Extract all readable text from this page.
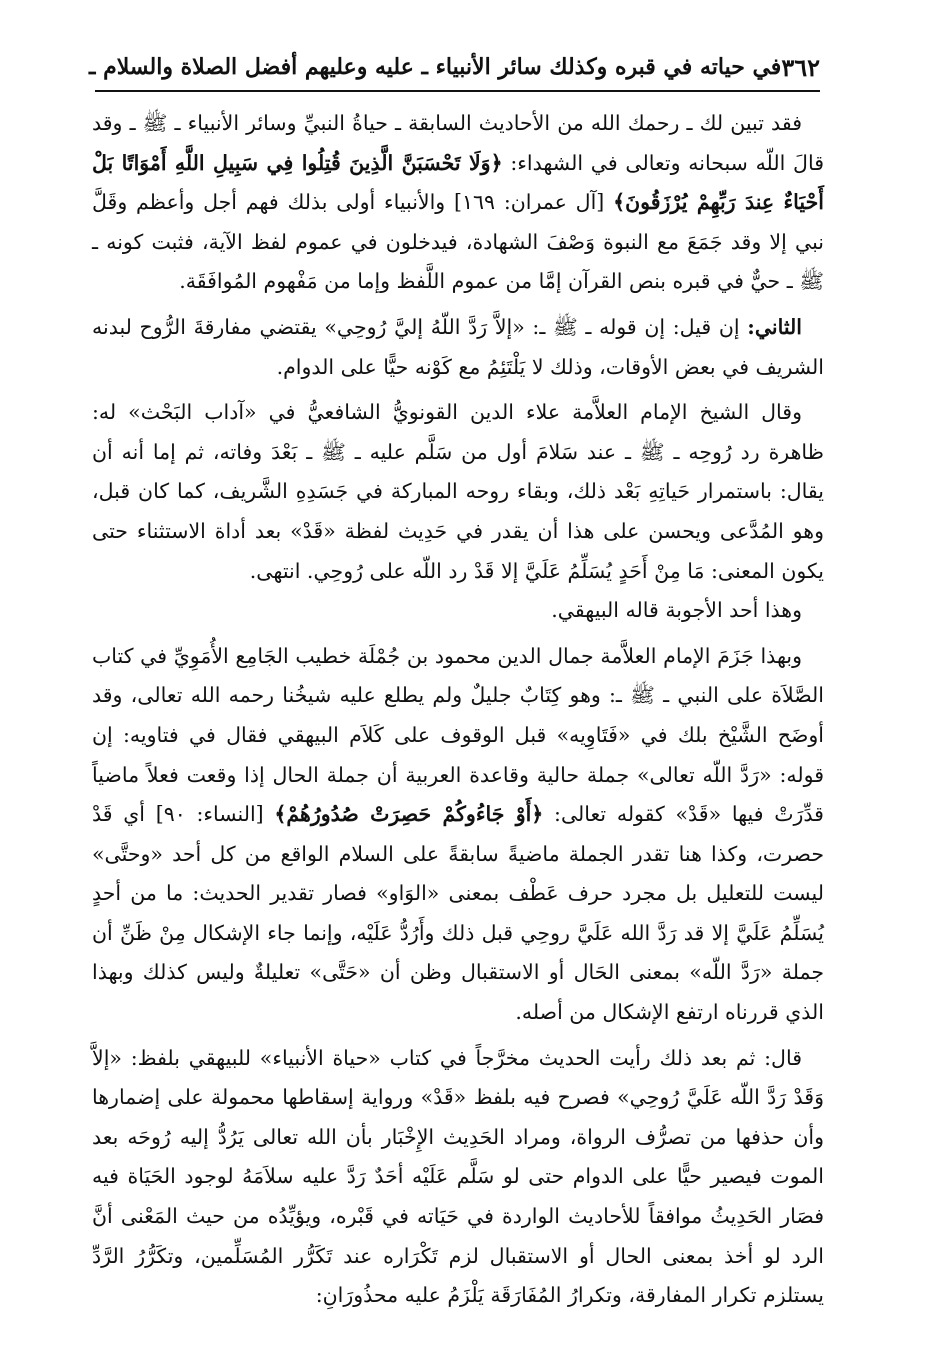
٣٦٢
في حياته في قبره وكذلك سائر الأنبياء ـ عليه وعليهم أفضل الصلاة والسلام ـ

فقد تبين لك ـ رحمك الله من الأحاديث السابقة ـ حياةُ النبيِّ وسائر الأنبياء ـ ﷺ ـ وقد قالَ اللّه سبحانه وتعالى في الشهداء: ﴿وَلَا تَحْسَبَنَّ الَّذِينَ قُتِلُوا فِي سَبِيلِ اللَّهِ أَمْوَاتًا بَلْ أَحْيَاءٌ عِندَ رَبِّهِمْ يُرْزَقُونَ﴾ [آل عمران: ١٦٩] والأنبياء أولى بذلك فهم أجل وأعظم وقَلَّ نبي إلا وقد جَمَعَ مع النبوة وَصْفَ الشهادة، فيدخلون في عموم لفظ الآية، فثبت كونه ـ ﷺ ـ حيٌّ في قبره بنص القرآن إمَّا من عموم اللَّفظ وإما من مَفْهوم المُوافَقَة.

الثاني: إن قيل: إن قوله ـ ﷺ ـ: «إلاَّ رَدَّ اللّهُ إليَّ رُوحِي» يقتضي مفارقةَ الرُّوح لبدنه الشريف في بعض الأوقات، وذلك لا يَلْتَئِمُ مع كَوْنه حيًّا على الدوام.

وقال الشيخ الإمام العلاَّمة علاء الدين القونويُّ الشافعيُّ في «آداب البَحْث» له: ظاهرة رد رُوحِه ـ ﷺ ـ عند سَلامَ أول من سَلَّم عليه ـ ﷺ ـ بَعْدَ وفاته، ثم إما أنه أن يقال: باستمرار حَياتِهِ بَعْد ذلك، وبقاء روحه المباركة في جَسَدِهِ الشَّريف، كما كان قبل، وهو المُدَّعى ويحسن على هذا أن يقدر في حَدِيث لفظة «قَدْ» بعد أداة الاستثناء حتى يكون المعنى: مَا مِنْ أَحَدٍ يُسَلِّمُ عَلَيَّ إلا قَدْ رد اللّه على رُوحِي. انتهى.

وهذا أحد الأجوبة قاله البيهقي.

وبهذا جَزَمَ الإمام العلاَّمة جمال الدين محمود بن جُمْلَة خطيب الجَامِع الأُمَوِيِّ في كتاب الصَّلاَة على النبي ـ ﷺ ـ: وهو كِتَابٌ جليلٌ ولم يطلع عليه شيخُنا رحمه الله تعالى، وقد أوضَح الشَّيْخ بلك في «فَتَاوِيه» قبل الوقوف على كَلاَم البيهقي فقال في فتاويه: إن قوله: «رَدَّ اللّه تعالى» جملة حالية وقاعدة العربية أن جملة الحال إذا وقعت فعلاً ماضياً قدِّرَتْ فيها «قَدْ» كقوله تعالى: ﴿أَوْ جَاءُوكُمْ حَصِرَتْ صُدُورُهُمْ﴾ [النساء: ٩٠] أي قَدْ حصرت، وكذا هنا تقدر الجملة ماضيةً سابقةً على السلام الواقع من كل أحد «وحتَّى» ليست للتعليل بل مجرد حرف عَطْف بمعنى «الوَاو» فصار تقدير الحديث: ما من أحدٍ يُسَلِّمُ عَلَيَّ إلا قد رَدَّ الله عَلَيَّ روحِي قبل ذلك وأَرُدُّ عَلَيْه، وإنما جاء الإشكال مِنْ ظَنِّ أن جملة «رَدَّ اللّه» بمعنى الحَال أو الاستقبال وظن أن «حَتَّى» تعليلةٌ وليس كذلك وبهذا الذي قررناه ارتفع الإشكال من أصله.

قال: ثم بعد ذلك رأيت الحديث مخرَّجاً في كتاب «حياة الأنبياء» للبيهقي بلفظ: «إلاَّ وَقَدْ رَدَّ اللّه عَلَيَّ رُوحِي» فصرح فيه بلفظ «قَدْ» ورواية إسقاطها محمولة على إضمارها وأن حذفها من تصرُّف الرواة، ومراد الحَدِيث الإِخْبَار بأن الله تعالى يَرُدُّ إليه رُوحَه بعد الموت فيصير حيًّا على الدوام حتى لو سَلَّم عَلَيْه أحَدٌ رَدَّ عليه سلاَمَهُ لوجود الحَيَاة فيه فصَار الحَدِيثُ موافقاً للأحاديث الواردة في حَيَاته في قَبْره، ويؤيِّدُه من حيث المَعْنى أنَّ الرد لو أخذ بمعنى الحال أو الاستقبال لزم تَكْرَاره عند تَكَرُّر المُسَلِّمين، وتكَرُّرُ الرَّدِّ يستلزم تكرار المفارقة، وتكرارُ المُفَارَقَة يَلْزَمُ عليه محذُورَانِ:
